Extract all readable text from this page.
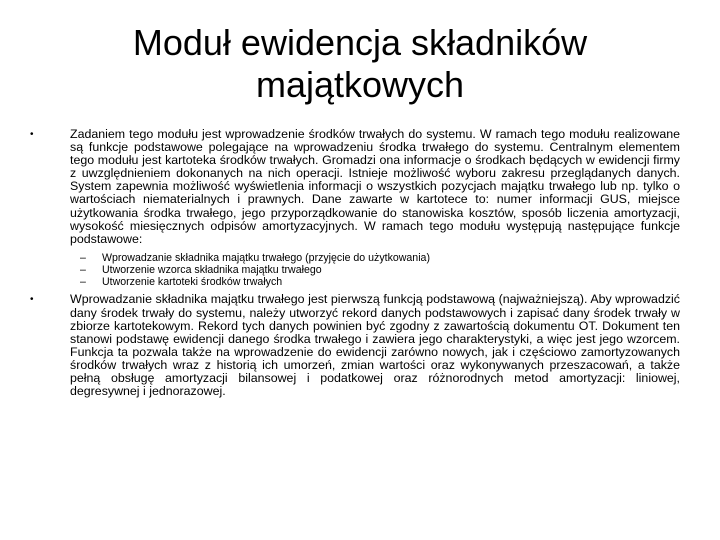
Moduł ewidencja składników majątkowych
•	Zadaniem tego modułu jest wprowadzenie środków trwałych do systemu. W ramach tego modułu realizowane są funkcje podstawowe polegające na wprowadzeniu środka trwałego do systemu. Centralnym elementem tego modułu jest kartoteka środków trwałych. Gromadzi ona informacje o środkach będących w ewidencji firmy z uwzględnieniem dokonanych na nich operacji. Istnieje możliwość wyboru zakresu przeglądanych danych. System zapewnia możliwość wyświetlenia informacji o wszystkich pozycjach majątku trwałego lub np. tylko o wartościach niematerialnych i prawnych. Dane zawarte w kartotece to: numer informacji GUS, miejsce użytkowania środka trwałego, jego przyporządkowanie do stanowiska kosztów, sposób liczenia amortyzacji, wysokość miesięcznych odpisów amortyzacyjnych. W ramach tego modułu występują następujące funkcje podstawowe:
– Wprowadzanie składnika majątku trwałego (przyjęcie do użytkowania)
– Utworzenie wzorca składnika majątku trwałego
– Utworzenie kartoteki środków trwałych
•	Wprowadzanie składnika majątku trwałego jest pierwszą funkcją podstawową (najważniejszą). Aby wprowadzić dany środek trwały do systemu, należy utworzyć rekord danych podstawowych i zapisać dany środek trwały w zbiorze kartotekowym. Rekord tych danych powinien być zgodny z zawartością dokumentu OT. Dokument ten stanowi podstawę ewidencji danego środka trwałego i zawiera jego charakterystyki, a więc jest jego wzorcem. Funkcja ta pozwala także na wprowadzenie do ewidencji zarówno nowych, jak i częściowo zamortyzowanych środków trwałych wraz z historią ich umorzeń, zmian wartości oraz wykonywanych przeszacowań, a także pełną obsługę amortyzacji bilansowej i podatkowej oraz różnorodnych metod amortyzacji: liniowej, degresywnej i jednorazowej.
